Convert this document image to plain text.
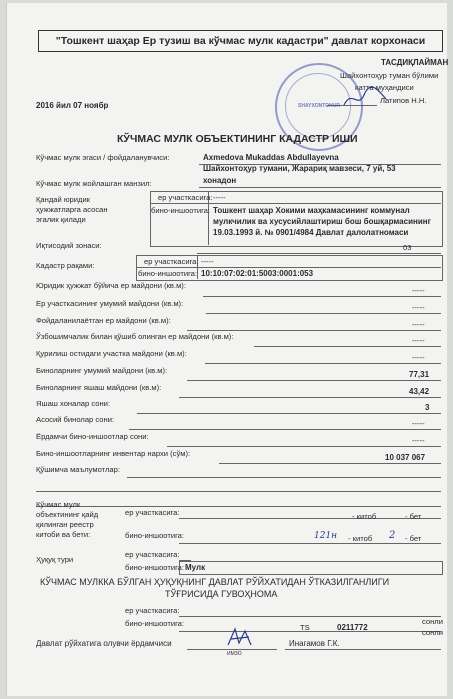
"Тошкент шаҳар Ер тузиш ва кўчмас мулк кадастри" давлат корхонаси
ТАСДИҚЛАЙМАН
Шайхонтоҳур туман бўлими
катта муҳандиси
Латипов Н.Н.
SHAYXONTOHUR
2016 йил 07 ноябр
КЎЧМАС МУЛК ОБЪЕКТИНИНГ КАДАСТР ИШИ
Кўчмас мулк эгаси / фойдаланувчиси:	Axmedova Mukaddas Abdullayevna
Кўчмас мулк жойлашган манзил:
Шайхонтоҳур тумани, Жарариқ мавзеси, 7 уй, 53
хонадон
Қандай юридик
ҳужжатларга асосан
эгалик қилади
ер участкасига: -----
бино-иншоотига: Тошкент шаҳар Хокими маҳкамасининг коммунал
мулкчилик ва хусусийлаштириш бош бошқармасининг
19.03.1993 й. № 0901/4984 Давлат далолатномаси
Иқтисодий зонаси:	03
Кадастр рақами:	ер участкасига: -----
бино-иншоотига: 10:10:07:02:01:5003:0001:053
Юридик ҳужжат бўйича ер майдони (кв.м):
-----
Ер участкасининг умумий майдони (кв.м):	-----
Фойдаланилаётган ер майдони (кв.м):	-----
Ўзбошимчалик билан қўшиб олинган ер майдони (кв.м):	-----
Қурилиш остидаги участка майдони (кв.м):	-----
Биноларнинг умумий майдони (кв.м):	77,31
Биноларнинг яшаш майдони (кв.м):	43,42
Яшаш хоналар сони:	3
Асосий бинолар сони:	-----
Ёрдамчи бино-иншоотлар сони:	-----
Бино-иншоотларнинг инвентар нархи (сўм):	10 037 067
Қўшимча маълумотлар:
Кўчмас мулк
объектининг қайд
қилинган реестр
китоби ва бети:
ер участкасига:	- китоб	- бет
бино-иншоотига:	121н - китоб 2 - бет
Ҳуқуқ тури
ер участкасига:
бино-иншоотига: Мулк
КЎЧМАС МУЛККА БЎЛГАН ҲУҚУҚНИНГ ДАВЛАТ РЎЙХАТИДАН ЎТКАЗИЛГАНЛИГИ
ТЎҒРИСИДА ГУВОҲНОМА
ер участкасига:
сонли
бино-иншоотига:	TS	0211772
сонли
Давлат рўйхатига олувчи ёрдамчиси
ИМЗО
Инагамов Г.К.
